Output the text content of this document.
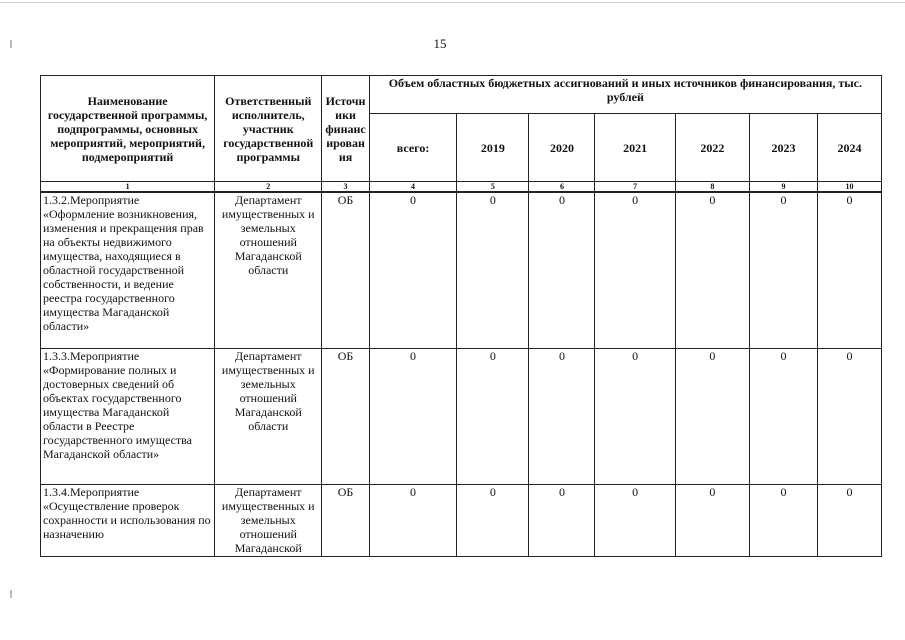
15
Наименование государственной программы, подпрограммы, основных мероприятий, мероприятий, подмероприятий	Ответственный исполнитель, участник государственной программы	Источн ики финанс ирован ия	Объем областных бюджетных ассигнований и иных источников финансирования, тыс. рублей						
			всего:	2019	2020	2021	2022	2023	2024
1	2	3	4	5	6	7	8	9	10
1.3.2.Мероприятие «Оформление возникновения, изменения и прекращения прав на объекты недвижимого имущества, находящиеся в областной государственной собственности, и ведение реестра государственного имущества Магаданской области»	Департамент имущественных и земельных отношений Магаданской области	ОБ	0	0	0	0	0	0	0
1.3.3.Мероприятие «Формирование полных и достоверных сведений об объектах государственного имущества Магаданской области в Реестре государственного имущества Магаданской области»	Департамент имущественных и земельных отношений Магаданской области	ОБ	0	0	0	0	0	0	0
1.3.4.Мероприятие «Осуществление проверок сохранности и использования по назначению	Департамент имущественных и земельных отношений Магаданской	ОБ	0	0	0	0	0	0	0
